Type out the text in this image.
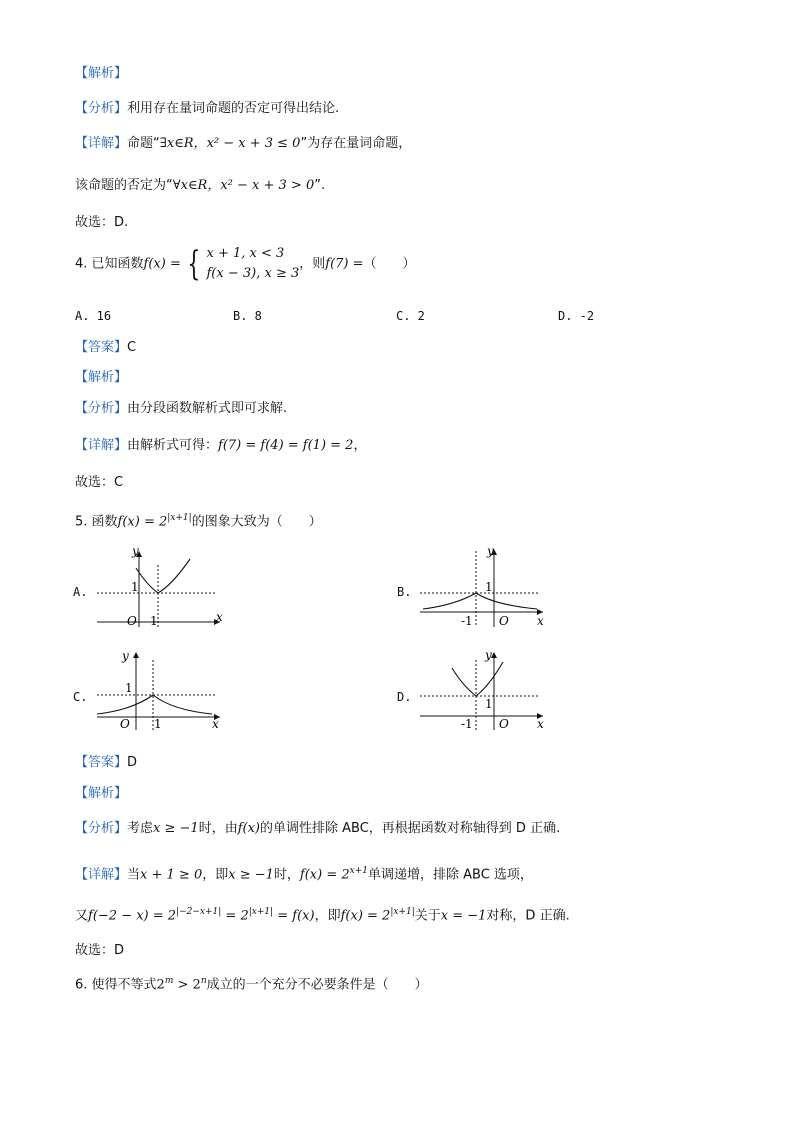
【解析】
【分析】利用存在量词命题的否定可得出结论.
【详解】命题“∃x∈R，x² − x + 3 ≤ 0”为存在量词命题，
该命题的否定为“∀x∈R，x² − x + 3 > 0”.
故选：D.
4. 已知函数f(x) = { x + 1, x < 3
f(x − 3), x ≥ 3
，则f(7) =（　　）
A. 16	B. 8	C. 2	D. -2
【答案】C
【解析】
【分析】由分段函数解析式即可求解.
【详解】由解析式可得：f(7) = f(4) = f(1) = 2，
故选：C
5. 函数$f(x) = 2^{|x+1|}$的图象大致为（　　）
A.
y
x
O
1
1
B.
y
x
O
1
-1
C.
y
x
O
1
1
D.
y
x
O
1
-1
【答案】D
【解析】
【分析】考虑x ≥ −1时，由f(x)的单调性排除 ABC，再根据函数对称轴得到 D 正确.
【详解】当x + 1 ≥ 0，即x ≥ −1时，$f(x) = 2^{x+1}$单调递增，排除 ABC 选项，
又$f(-2 - x) = 2^{|-2-x+1|} = 2^{|x+1|} = f(x)$，即$f(x) = 2^{|x+1|}$关于x = −1对称，D 正确.
故选：D
6. 使得不等式$2^m > 2^n$成立的一个充分不必要条件是（　　）
